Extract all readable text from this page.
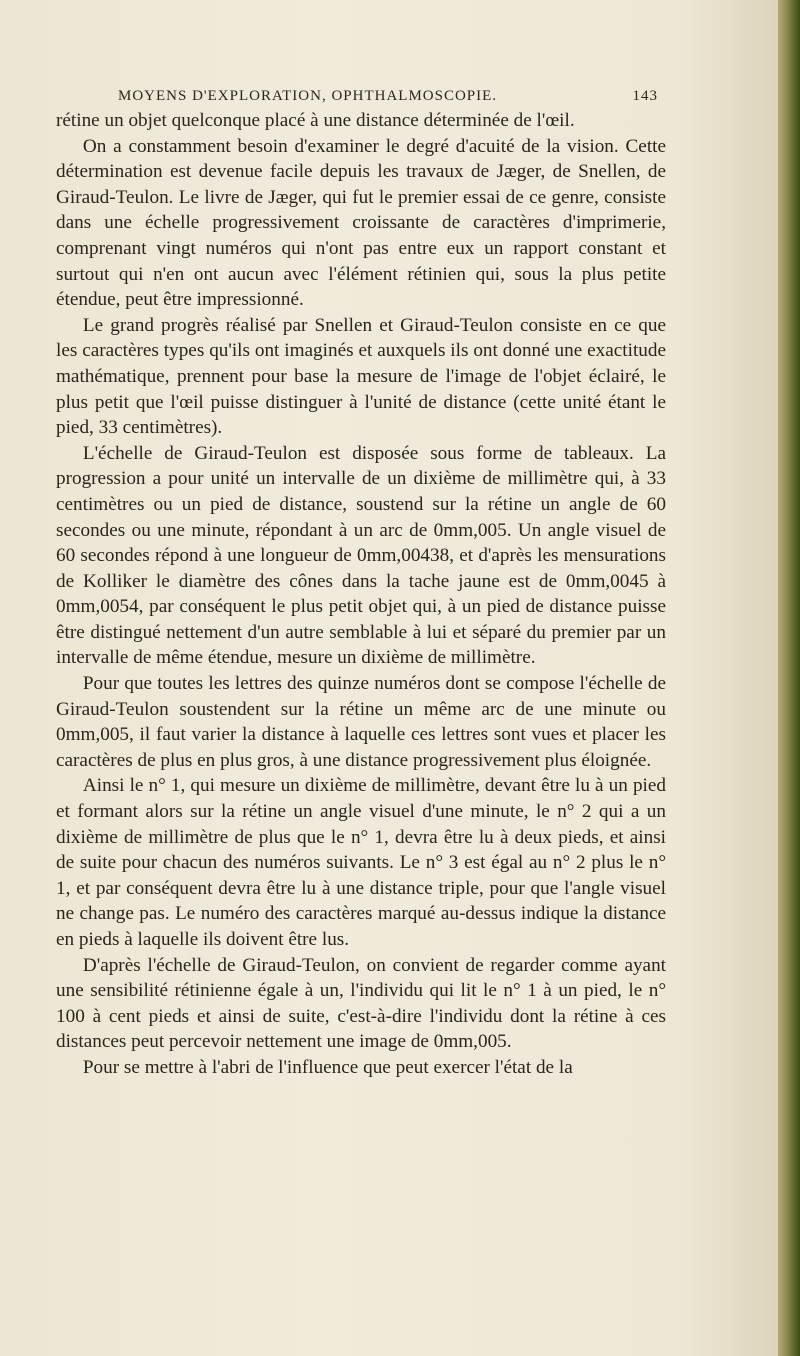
MOYENS D'EXPLORATION, OPHTHALMOSCOPIE.	143

rétine un objet quelconque placé à une distance déterminée de l'œil.

On a constamment besoin d'examiner le degré d'acuité de la vision. Cette détermination est devenue facile depuis les travaux de Jæger, de Snellen, de Giraud-Teulon. Le livre de Jæger, qui fut le premier essai de ce genre, consiste dans une échelle progressivement croissante de caractères d'imprimerie, comprenant vingt numéros qui n'ont pas entre eux un rapport constant et surtout qui n'en ont aucun avec l'élément rétinien qui, sous la plus petite étendue, peut être impressionné.

Le grand progrès réalisé par Snellen et Giraud-Teulon consiste en ce que les caractères types qu'ils ont imaginés et auxquels ils ont donné une exactitude mathématique, prennent pour base la mesure de l'image de l'objet éclairé, le plus petit que l'œil puisse distinguer à l'unité de distance (cette unité étant le pied, 33 centimètres).

L'échelle de Giraud-Teulon est disposée sous forme de tableaux. La progression a pour unité un intervalle de un dixième de millimètre qui, à 33 centimètres ou un pied de distance, soustend sur la rétine un angle de 60 secondes ou une minute, répondant à un arc de 0mm,005. Un angle visuel de 60 secondes répond à une longueur de 0mm,00438, et d'après les mensurations de Kolliker le diamètre des cônes dans la tache jaune est de 0mm,0045 à 0mm,0054, par conséquent le plus petit objet qui, à un pied de distance puisse être distingué nettement d'un autre semblable à lui et séparé du premier par un intervalle de même étendue, mesure un dixième de millimètre.

Pour que toutes les lettres des quinze numéros dont se compose l'échelle de Giraud-Teulon soustendent sur la rétine un même arc de une minute ou 0mm,005, il faut varier la distance à laquelle ces lettres sont vues et placer les caractères de plus en plus gros, à une distance progressivement plus éloignée.

Ainsi le n° 1, qui mesure un dixième de millimètre, devant être lu à un pied et formant alors sur la rétine un angle visuel d'une minute, le n° 2 qui a un dixième de millimètre de plus que le n° 1, devra être lu à deux pieds, et ainsi de suite pour chacun des numéros suivants. Le n° 3 est égal au n° 2 plus le n° 1, et par conséquent devra être lu à une distance triple, pour que l'angle visuel ne change pas. Le numéro des caractères marqué au-dessus indique la distance en pieds à laquelle ils doivent être lus.

D'après l'échelle de Giraud-Teulon, on convient de regarder comme ayant une sensibilité rétinienne égale à un, l'individu qui lit le n° 1 à un pied, le n° 100 à cent pieds et ainsi de suite, c'est-à-dire l'individu dont la rétine à ces distances peut percevoir nettement une image de 0mm,005.

Pour se mettre à l'abri de l'influence que peut exercer l'état de la
